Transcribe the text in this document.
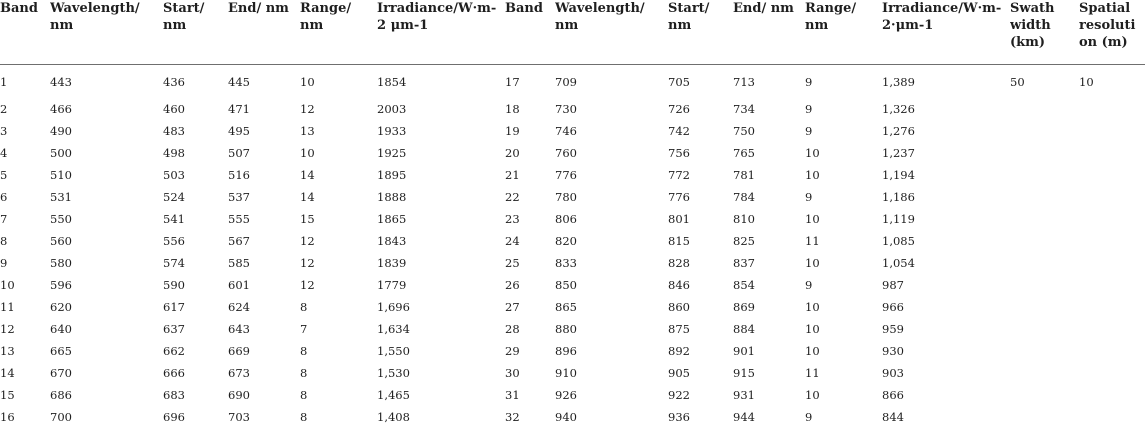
Band	Wavelength/ nm	Start/ nm	End/ nm	Range/ nm	Irradiance/W·m-2 μm-1	Band	Wavelength/ nm	Start/ nm	End/ nm	Range/ nm	Irradiance/W·m-2·μm-1	Swath width (km)	Spatial resolution (m)
1	443	436	445	10	1854	17	709	705	713	9	1,389	50	10
2	466	460	471	12	2003	18	730	726	734	9	1,326		
3	490	483	495	13	1933	19	746	742	750	9	1,276		
4	500	498	507	10	1925	20	760	756	765	10	1,237		
5	510	503	516	14	1895	21	776	772	781	10	1,194		
6	531	524	537	14	1888	22	780	776	784	9	1,186		
7	550	541	555	15	1865	23	806	801	810	10	1,119		
8	560	556	567	12	1843	24	820	815	825	11	1,085		
9	580	574	585	12	1839	25	833	828	837	10	1,054		
10	596	590	601	12	1779	26	850	846	854	9	987		
11	620	617	624	8	1,696	27	865	860	869	10	966		
12	640	637	643	7	1,634	28	880	875	884	10	959		
13	665	662	669	8	1,550	29	896	892	901	10	930		
14	670	666	673	8	1,530	30	910	905	915	11	903		
15	686	683	690	8	1,465	31	926	922	931	10	866		
16	700	696	703	8	1,408	32	940	936	944	9	844		
